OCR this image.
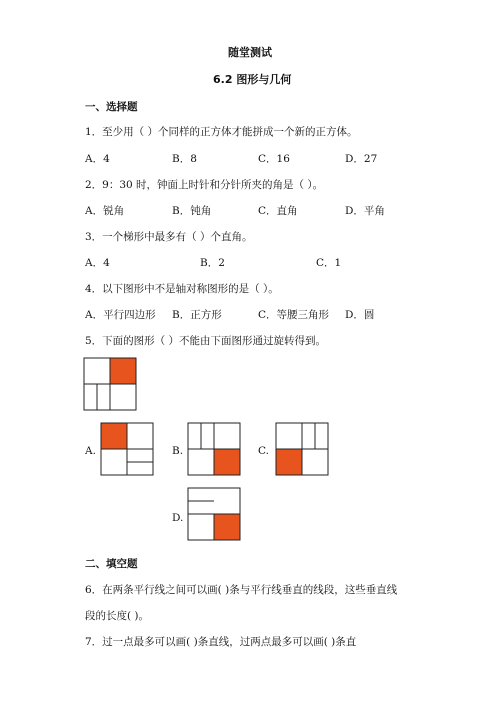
随堂测试
6.2 图形与几何
一、选择题
1．至少用（ ）个同样的正方体才能拼成一个新的正方体。
A．4	B．8	C．16	D．27
2．9：30 时，钟面上时针和分针所夹的角是（ ）。
A．锐角	B．钝角	C．直角	D．平角
3．一个梯形中最多有（ ）个直角。
A．4	B．2	C．1
4．以下图形中不是轴对称图形的是（ ）。
A．平行四边形 B．正方形	C．等腰三角形 D．圆
5．下面的图形（ ）不能由下面图形通过旋转得到。
A.	B.	C.
D.
二、填空题
6．在两条平行线之间可以画( )条与平行线垂直的线段，这些垂直线
段的长度( )。
7．过一点最多可以画( )条直线，过两点最多可以画( )条直
